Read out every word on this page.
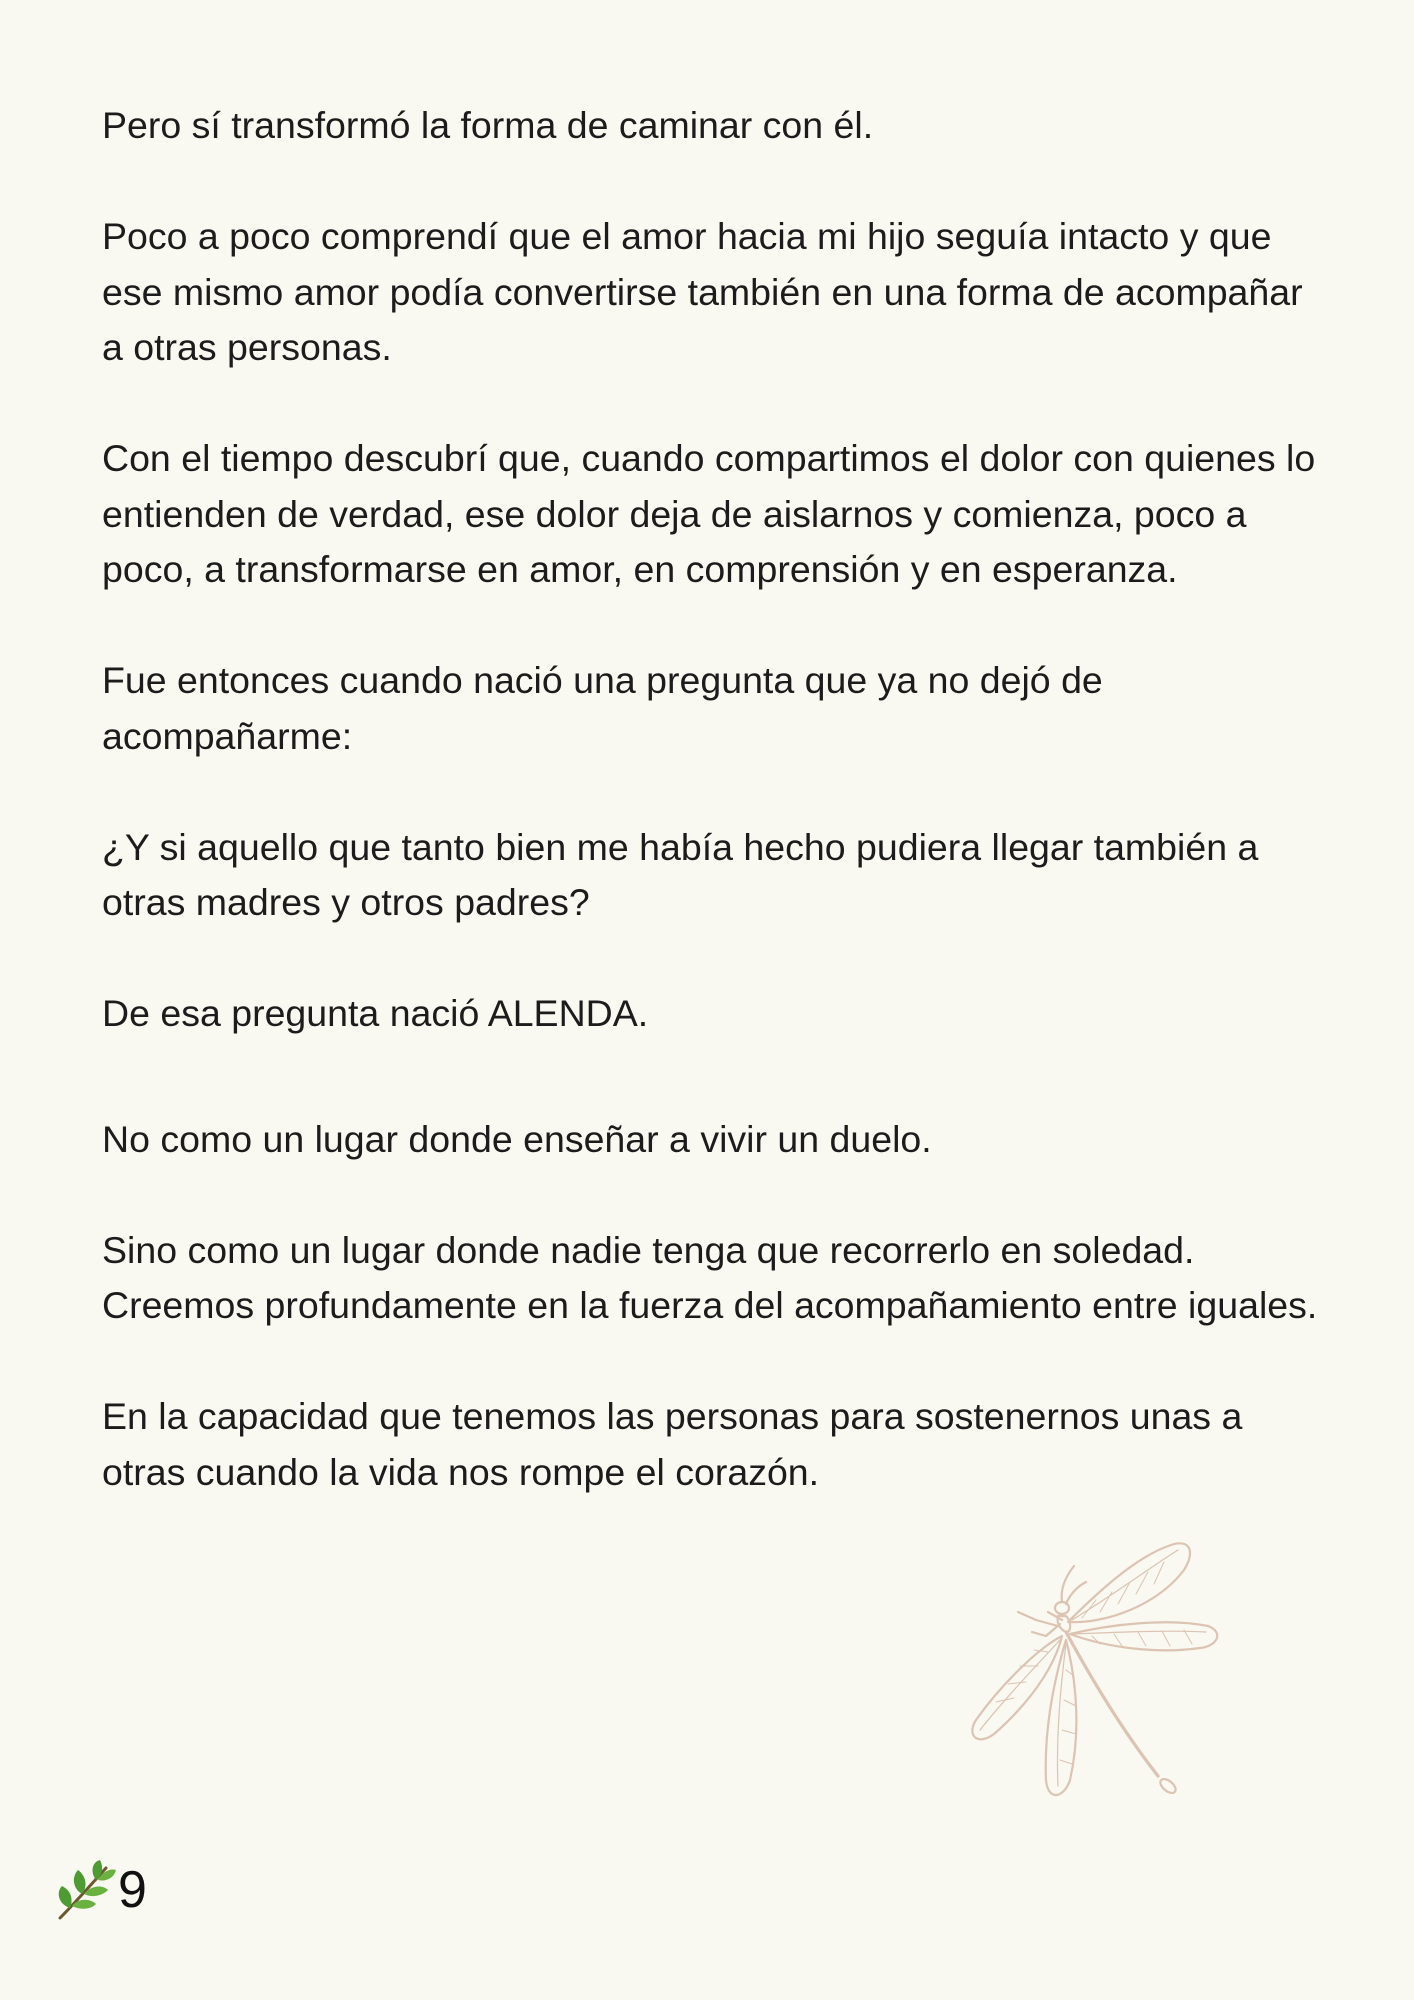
Pero sí transformó la forma de caminar con él.

Poco a poco comprendí que el amor hacia mi hijo seguía intacto y que ese mismo amor podía convertirse también en una forma de acompañar a otras personas.

Con el tiempo descubrí que, cuando compartimos el dolor con quienes lo entienden de verdad, ese dolor deja de aislarnos y comienza, poco a poco, a transformarse en amor, en comprensión y en esperanza.

Fue entonces cuando nació una pregunta que ya no dejó de acompañarme:

¿Y si aquello que tanto bien me había hecho pudiera llegar también a otras madres y otros padres?

De esa pregunta nació ALENDA.

No como un lugar donde enseñar a vivir un duelo.

Sino como un lugar donde nadie tenga que recorrerlo en soledad. Creemos profundamente en la fuerza del acompañamiento entre iguales.

En la capacidad que tenemos las personas para sostenernos unas a otras cuando la vida nos rompe el corazón.

9
